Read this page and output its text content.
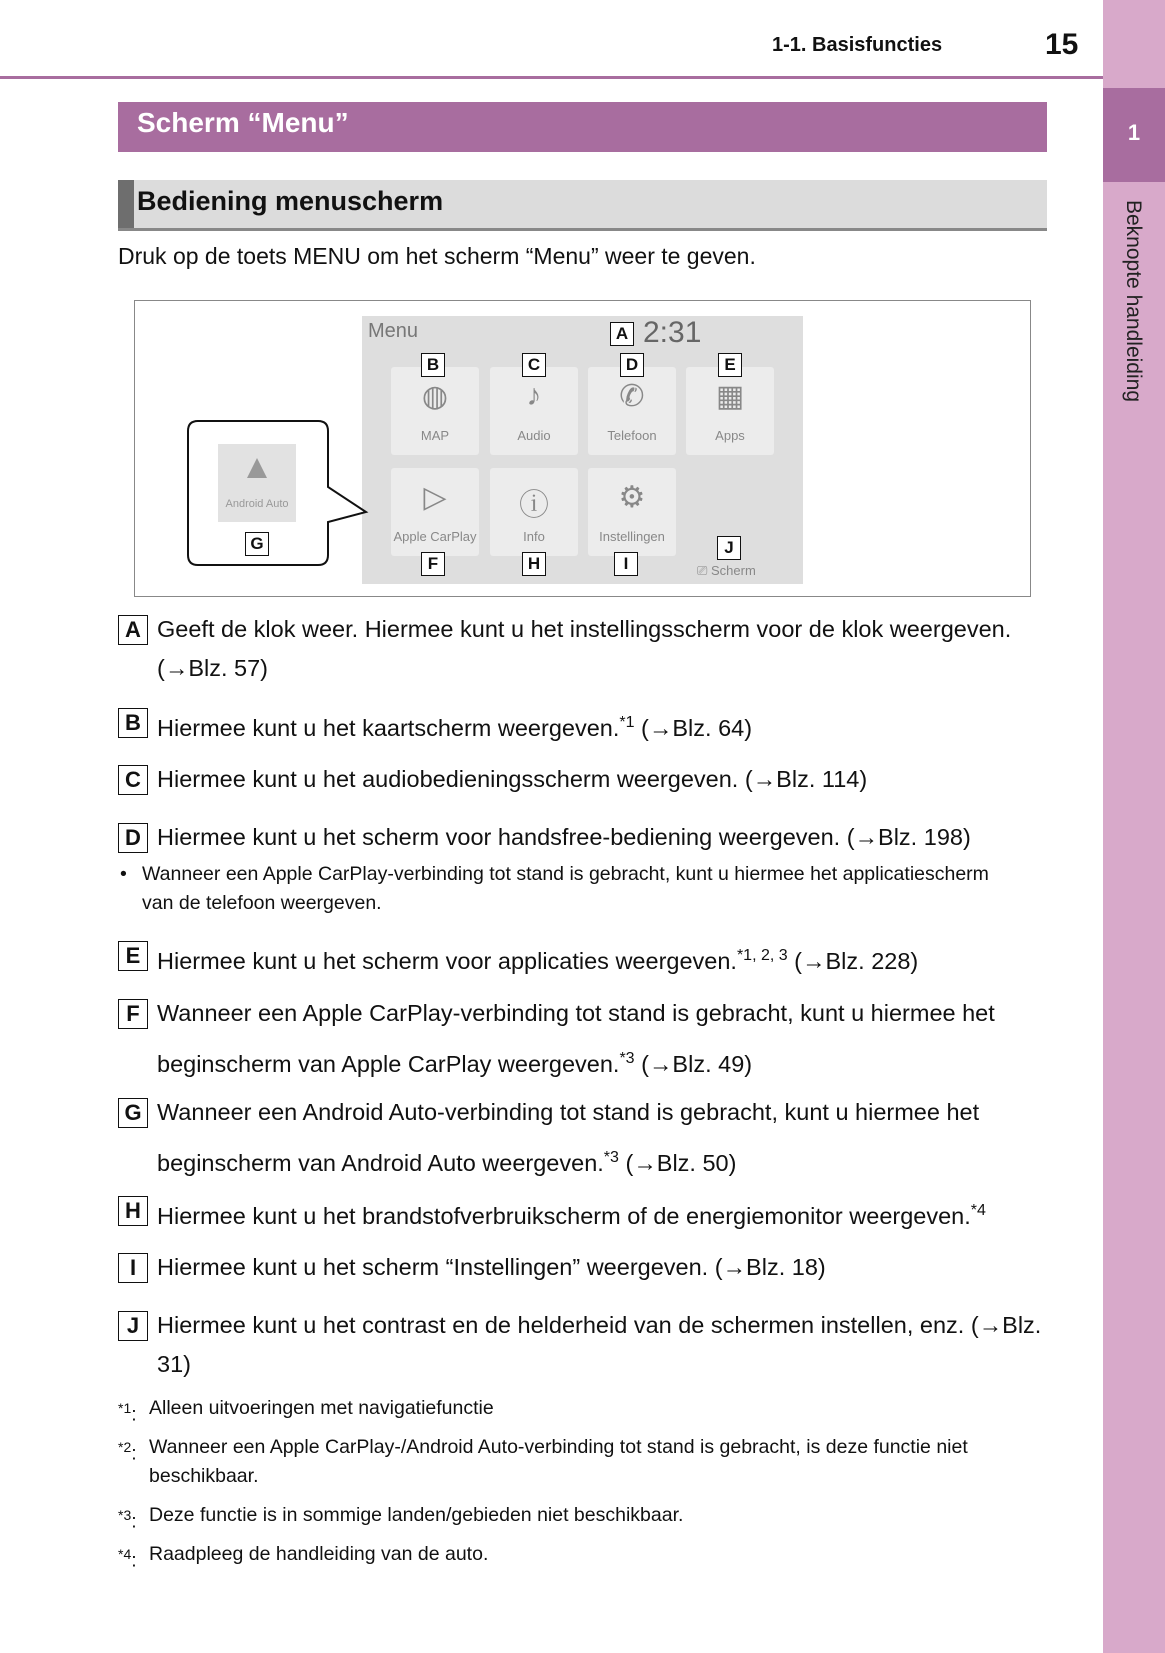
1-1. Basisfuncties	15
1
Beknopte handleiding
Scherm “Menu”
Bediening menuscherm
Druk op de toets MENU om het scherm “Menu” weer te geven.
Menu	2:31
◍
MAP
♪
Audio
✆
Telefoon
▦
Apps
▷
Apple CarPlay
ⓘ
Info
⚙
Instellingen
⎚ Scherm
Android Auto
A
B	C	D	E
F
G
H	I
J
A Geeft de klok weer. Hiermee kunt u het instellingsscherm voor de klok weergeven. (→Blz. 57)
B Hiermee kunt u het kaartscherm weergeven.$^{*1}$ (→Blz. 64)
C Hiermee kunt u het audiobedieningsscherm weergeven. (→Blz. 114)
D Hiermee kunt u het scherm voor handsfree-bediening weergeven. (→Blz. 198)
• Wanneer een Apple CarPlay-verbinding tot stand is gebracht, kunt u hiermee het applicatiescherm van de telefoon weergeven.
E Hiermee kunt u het scherm voor applicaties weergeven.$^{*1, 2, 3}$ (→Blz. 228)
F Wanneer een Apple CarPlay-verbinding tot stand is gebracht, kunt u hiermee het beginscherm van Apple CarPlay weergeven.$^{*3}$ (→Blz. 49)
G Wanneer een Android Auto-verbinding tot stand is gebracht, kunt u hiermee het beginscherm van Android Auto weergeven.$^{*3}$ (→Blz. 50)
H Hiermee kunt u het brandstofverbruikscherm of de energiemonitor weergeven.$^{*4}$
I Hiermee kunt u het scherm “Instellingen” weergeven. (→Blz. 18)
J Hiermee kunt u het contrast en de helderheid van de schermen instellen, enz. (→Blz. 31)
$^{*1}$: Alleen uitvoeringen met navigatiefunctie
$^{*2}$: Wanneer een Apple CarPlay-/Android Auto-verbinding tot stand is gebracht, is deze functie niet beschikbaar.
$^{*3}$: Deze functie is in sommige landen/gebieden niet beschikbaar.
$^{*4}$: Raadpleeg de handleiding van de auto.
